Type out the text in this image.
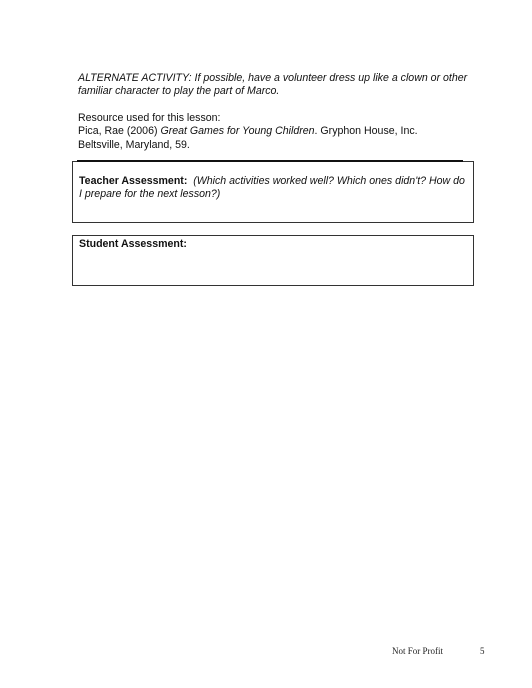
ALTERNATE ACTIVITY: If possible, have a volunteer dress up like a clown or other familiar character to play the part of Marco.

Resource used for this lesson:
Pica, Rae (2006) Great Games for Young Children. Gryphon House, Inc.
Beltsville, Maryland, 59.

Teacher Assessment: (Which activities worked well? Which ones didn't? How do I prepare for the next lesson?)
Student Assessment:
Not For Profit	5
